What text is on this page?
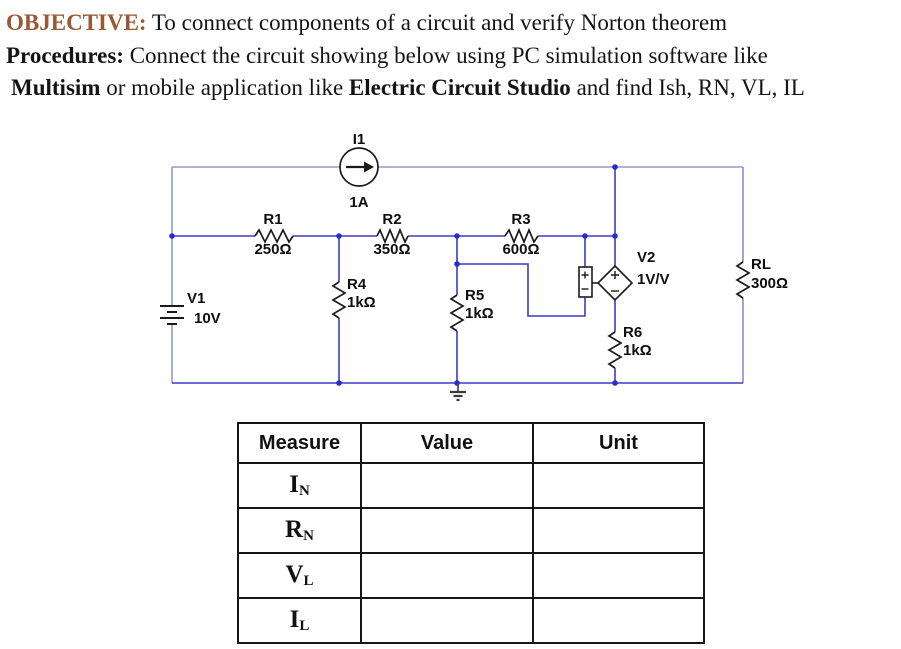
OBJECTIVE: To connect components of a circuit and verify Norton theorem
Procedures: Connect the circuit showing below using PC simulation software like
Multisim or mobile application like Electric Circuit Studio and find Ish, RN, VL, IL
I1
1A
V1
10V
R1
250Ω
R2
350Ω
R3
600Ω
R4
1kΩ	R5
1kΩ
R6
1kΩ
RL
300Ω
V2
1V/V
Measure	Value	Unit
$I_N$		
$R_N$		
$V_L$		
$I_L$		
